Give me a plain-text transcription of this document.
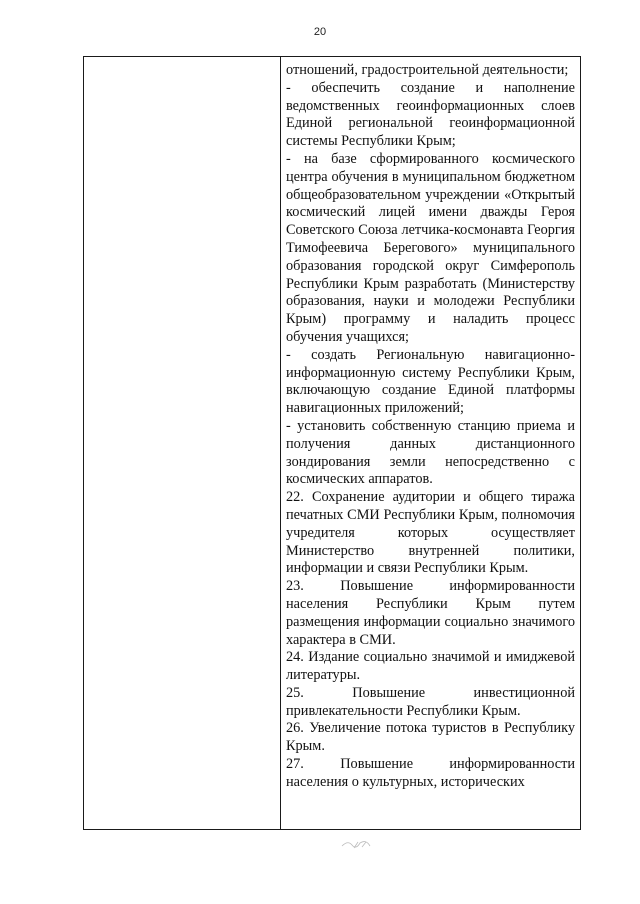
20

отношений, градостроительной деятельности;

- обеспечить создание и наполнение ведомственных геоинформационных слоев Единой региональной геоинформационной системы Республики Крым;

- на базе сформированного космического центра обучения в муниципальном бюджетном общеобразовательном учреждении «Открытый космический лицей имени дважды Героя Советского Союза летчика-космонавта Георгия Тимофеевича Берегового» муниципального образования городской округ Симферополь Республики Крым разработать (Министерству образования, науки и молодежи Республики Крым) программу и наладить процесс обучения учащихся;

- создать Региональную навигационно-информационную систему Республики Крым, включающую создание Единой платформы навигационных приложений;

- установить собственную станцию приема и получения данных дистанционного зондирования земли непосредственно с космических аппаратов.

22. Сохранение аудитории и общего тиража печатных СМИ Республики Крым, полномочия учредителя которых осуществляет Министерство внутренней политики, информации и связи Республики Крым.

23. Повышение информированности населения Республики Крым путем размещения информации социально значимого характера в СМИ.

24. Издание социально значимой и имиджевой литературы.

25. Повышение инвестиционной привлекательности Республики Крым.

26. Увеличение потока туристов в Республику Крым.

27. Повышение информированности населения о культурных, исторических
